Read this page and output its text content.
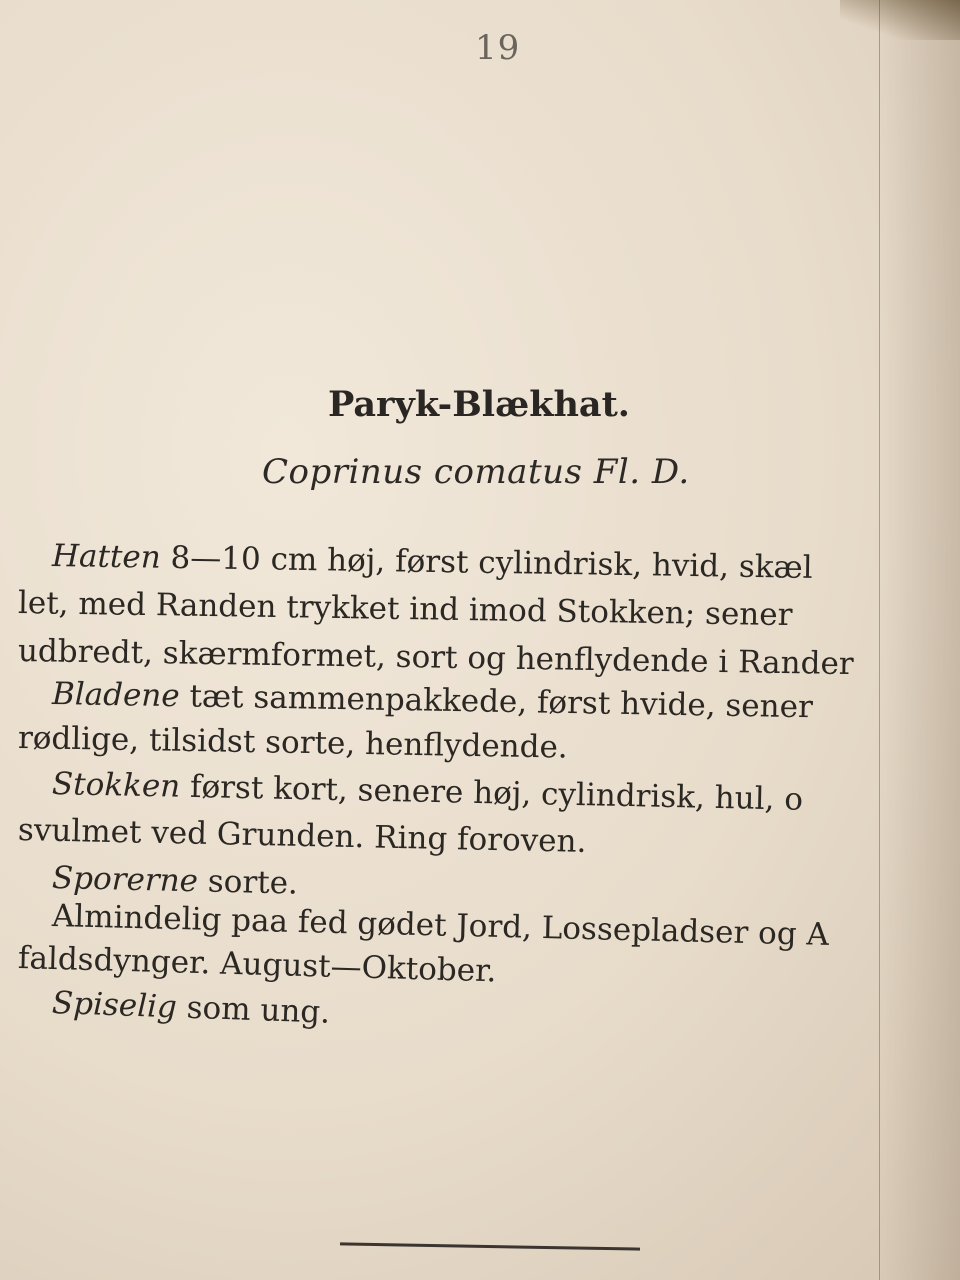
19
Paryk-Blækhat.
Coprinus comatus Fl. D.
Hatten 8—10 cm høj, først cylindrisk, hvid, skæl
let, med Randen trykket ind imod Stokken; sener
udbredt, skærmformet, sort og henflydende i Rander
Bladene tæt sammenpakkede, først hvide, sener
rødlige, tilsidst sorte, henflydende.
Stokken først kort, senere høj, cylindrisk, hul, o
svulmet ved Grunden. Ring foroven.
Sporerne sorte.
Almindelig paa fed gødet Jord, Lossepladser og A
faldsdynger. August—Oktober.
Spiselig som ung.
